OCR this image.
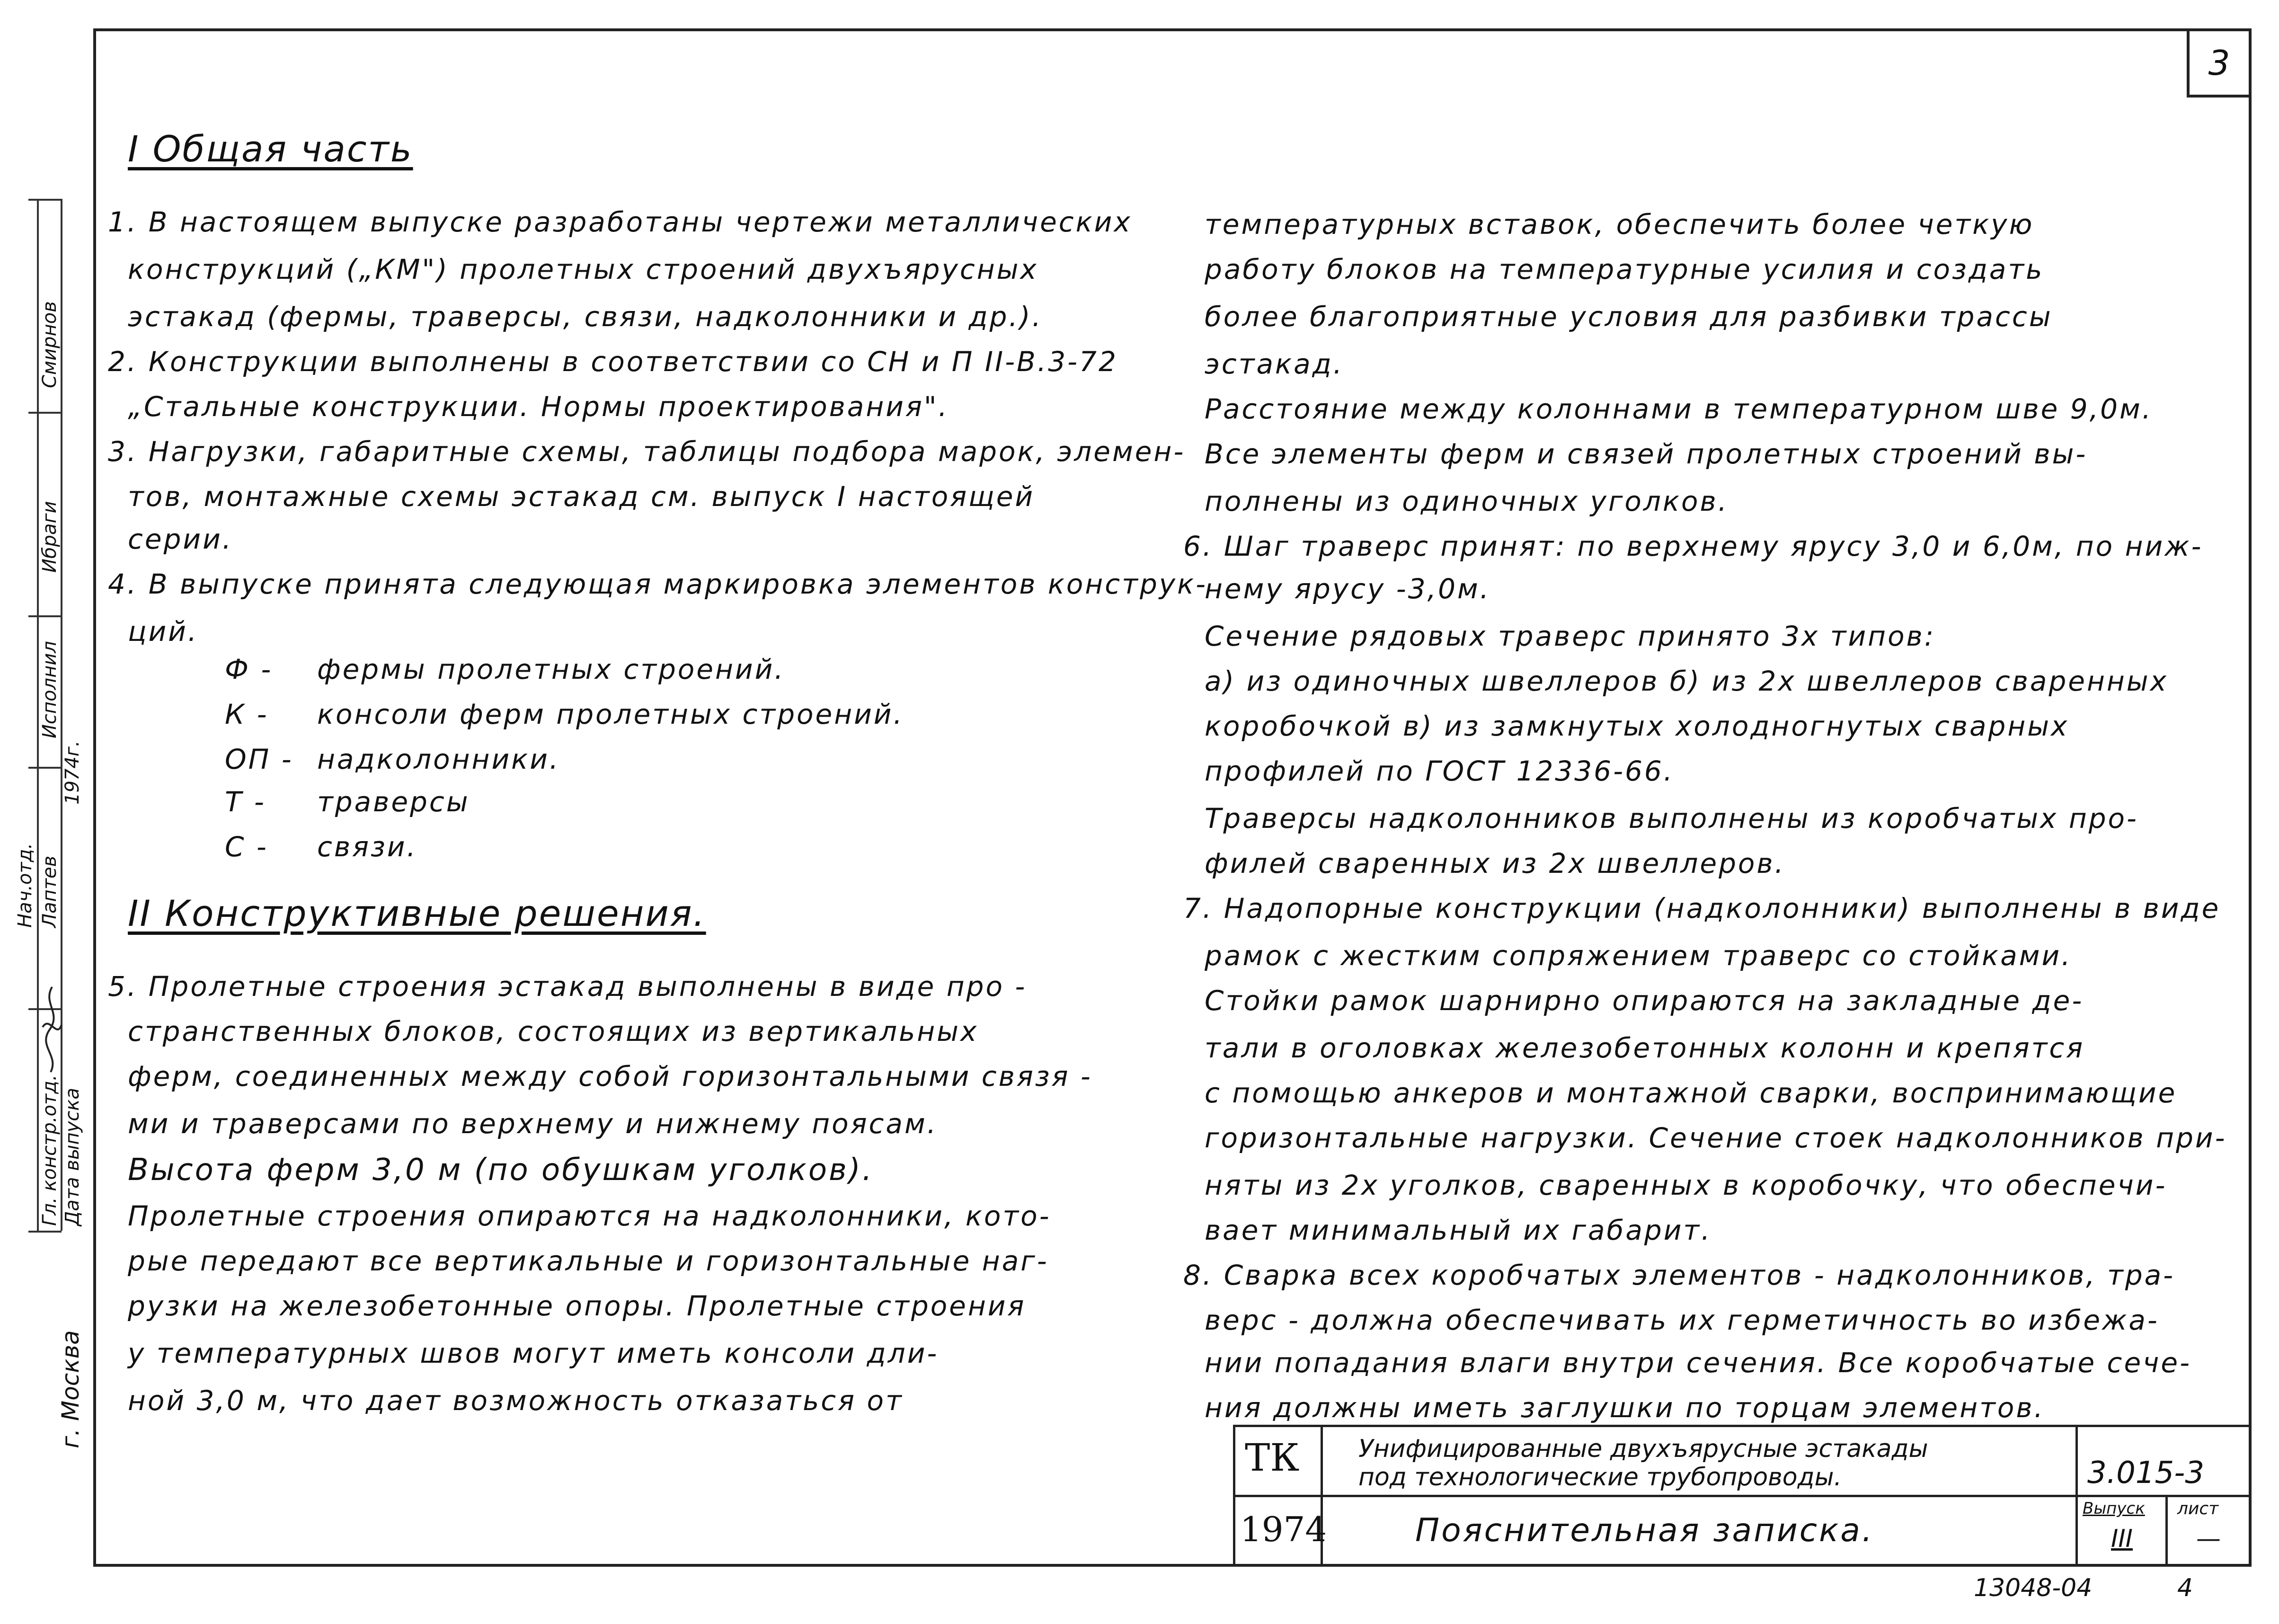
3
Гл. констр.отд. Дата выпуска
Нач.отд. Лаптев
1974г.
Исполнил
Ибраги
Смирнов
г. Москва
I Общая часть
1. В настоящем выпуске разработаны чертежи металлических
конструкций („КМ") пролетных строений двухъярусных
эстакад (фермы, траверсы, связи, надколонники и др.).
2. Конструкции выполнены в соответствии со СН и П II-В.3-72
„Стальные конструкции. Нормы проектирования".
3. Нагрузки, габаритные схемы, таблицы подбора марок, элемен-
тов, монтажные схемы эстакад см. выпуск I настоящей
серии.
4. В выпуске принята следующая маркировка элементов конструк-
ций.
Ф - фермы пролетных строений.
К - консоли ферм пролетных строений.
ОП - надколонники.
Т - траверсы
С - связи.
II Конструктивные решения.
5. Пролетные строения эстакад выполнены в виде про -
странственных блоков, состоящих из вертикальных
ферм, соединенных между собой горизонтальными связя -
ми и траверсами по верхнему и нижнему поясам.
Высота ферм 3,0 м (по обушкам уголков).
Пролетные строения опираются на надколонники, кото-
рые передают все вертикальные и горизонтальные наг-
рузки на железобетонные опоры. Пролетные строения
у температурных швов могут иметь консоли дли-
ной 3,0 м, что дает возможность отказаться от
температурных вставок, обеспечить более четкую
работу блоков на температурные усилия и создать
более благоприятные условия для разбивки трассы
эстакад.
Расстояние между колоннами в температурном шве 9,0м.
Все элементы ферм и связей пролетных строений вы-
полнены из одиночных уголков.
6. Шаг траверс принят: по верхнему ярусу 3,0 и 6,0м, по ниж-
нему ярусу -3,0м.
Сечение рядовых траверс принято 3х типов:
а) из одиночных швеллеров б) из 2х швеллеров сваренных
коробочкой в) из замкнутых холодногнутых сварных
профилей по ГОСТ 12336-66.
Траверсы надколонников выполнены из коробчатых про-
филей сваренных из 2х швеллеров.
7. Надопорные конструкции (надколонники) выполнены в виде
рамок с жестким сопряжением траверс со стойками.
Стойки рамок шарнирно опираются на закладные де-
тали в оголовках железобетонных колонн и крепятся
с помощью анкеров и монтажной сварки, воспринимающие
горизонтальные нагрузки. Сечение стоек надколонников при-
няты из 2х уголков, сваренных в коробочку, что обеспечи-
вает минимальный их габарит.
8. Сварка всех коробчатых элементов - надколонников, тра-
верс - должна обеспечивать их герметичность во избежа-
нии попадания влаги внутри сечения. Все коробчатые сече-
ния должны иметь заглушки по торцам элементов.
ТК
1974
Унифицированные двухъярусные эстакады
под технологические трубопроводы.
Пояснительная записка.
3.015-3
Выпуск
III
лист
—
13048-04	4
